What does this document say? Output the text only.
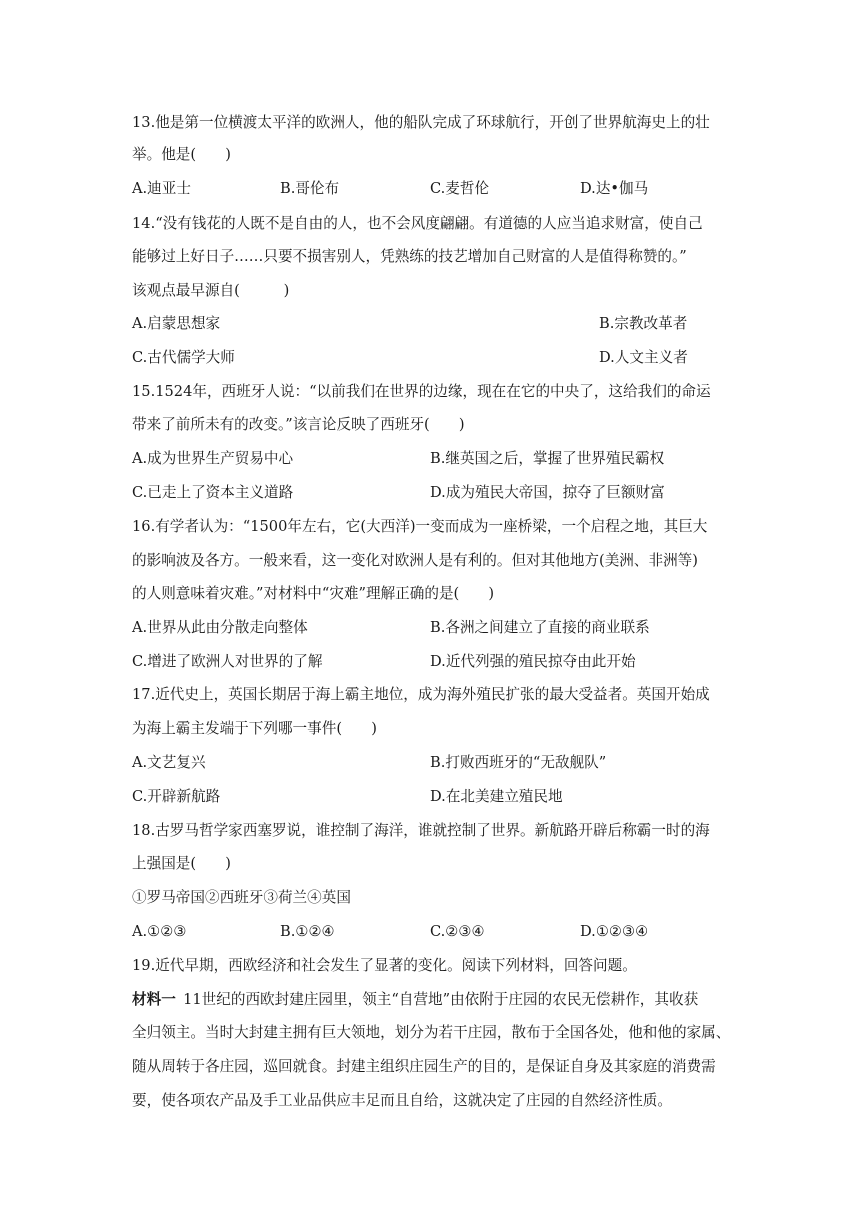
13.他是第一位横渡太平洋的欧洲人，他的船队完成了环球航行，开创了世界航海史上的壮
举。他是(　　)
A.迪亚士	B.哥伦布	C.麦哲伦	D.达•伽马
14.“没有钱花的人既不是自由的人，也不会风度翩翩。有道德的人应当追求财富，使自己
能够过上好日子……只要不损害别人，凭熟练的技艺增加自己财富的人是值得称赞的。”
该观点最早源自(　　　)
A.启蒙思想家	B.宗教改革者
C.古代儒学大师	D.人文主义者
15.1524年，西班牙人说：“以前我们在世界的边缘，现在在它的中央了，这给我们的命运
带来了前所未有的改变。”该言论反映了西班牙(　　)
A.成为世界生产贸易中心	B.继英国之后，掌握了世界殖民霸权
C.已走上了资本主义道路	D.成为殖民大帝国，掠夺了巨额财富
16.有学者认为：“1500年左右，它(大西洋)一变而成为一座桥梁，一个启程之地，其巨大
的影响波及各方。一般来看，这一变化对欧洲人是有利的。但对其他地方(美洲、非洲等)
的人则意味着灾难。”对材料中“灾难”理解正确的是(　　)
A.世界从此由分散走向整体	B.各洲之间建立了直接的商业联系
C.增进了欧洲人对世界的了解	D.近代列强的殖民掠夺由此开始
17.近代史上，英国长期居于海上霸主地位，成为海外殖民扩张的最大受益者。英国开始成
为海上霸主发端于下列哪一事件(　　)
A.文艺复兴	B.打败西班牙的“无敌舰队”
C.开辟新航路	D.在北美建立殖民地
18.古罗马哲学家西塞罗说，谁控制了海洋，谁就控制了世界。新航路开辟后称霸一时的海
上强国是(　　)
①罗马帝国②西班牙③荷兰④英国
A.①②③	B.①②④	C.②③④	D.①②③④
19.近代早期，西欧经济和社会发生了显著的变化。阅读下列材料，回答问题。
材料一  11世纪的西欧封建庄园里，领主“自营地”由依附于庄园的农民无偿耕作，其收获
全归领主。当时大封建主拥有巨大领地，划分为若干庄园，散布于全国各处，他和他的家属、
随从周转于各庄园，巡回就食。封建主组织庄园生产的目的，是保证自身及其家庭的消费需
要，使各项农产品及手工业品供应丰足而且自给，这就决定了庄园的自然经济性质。
